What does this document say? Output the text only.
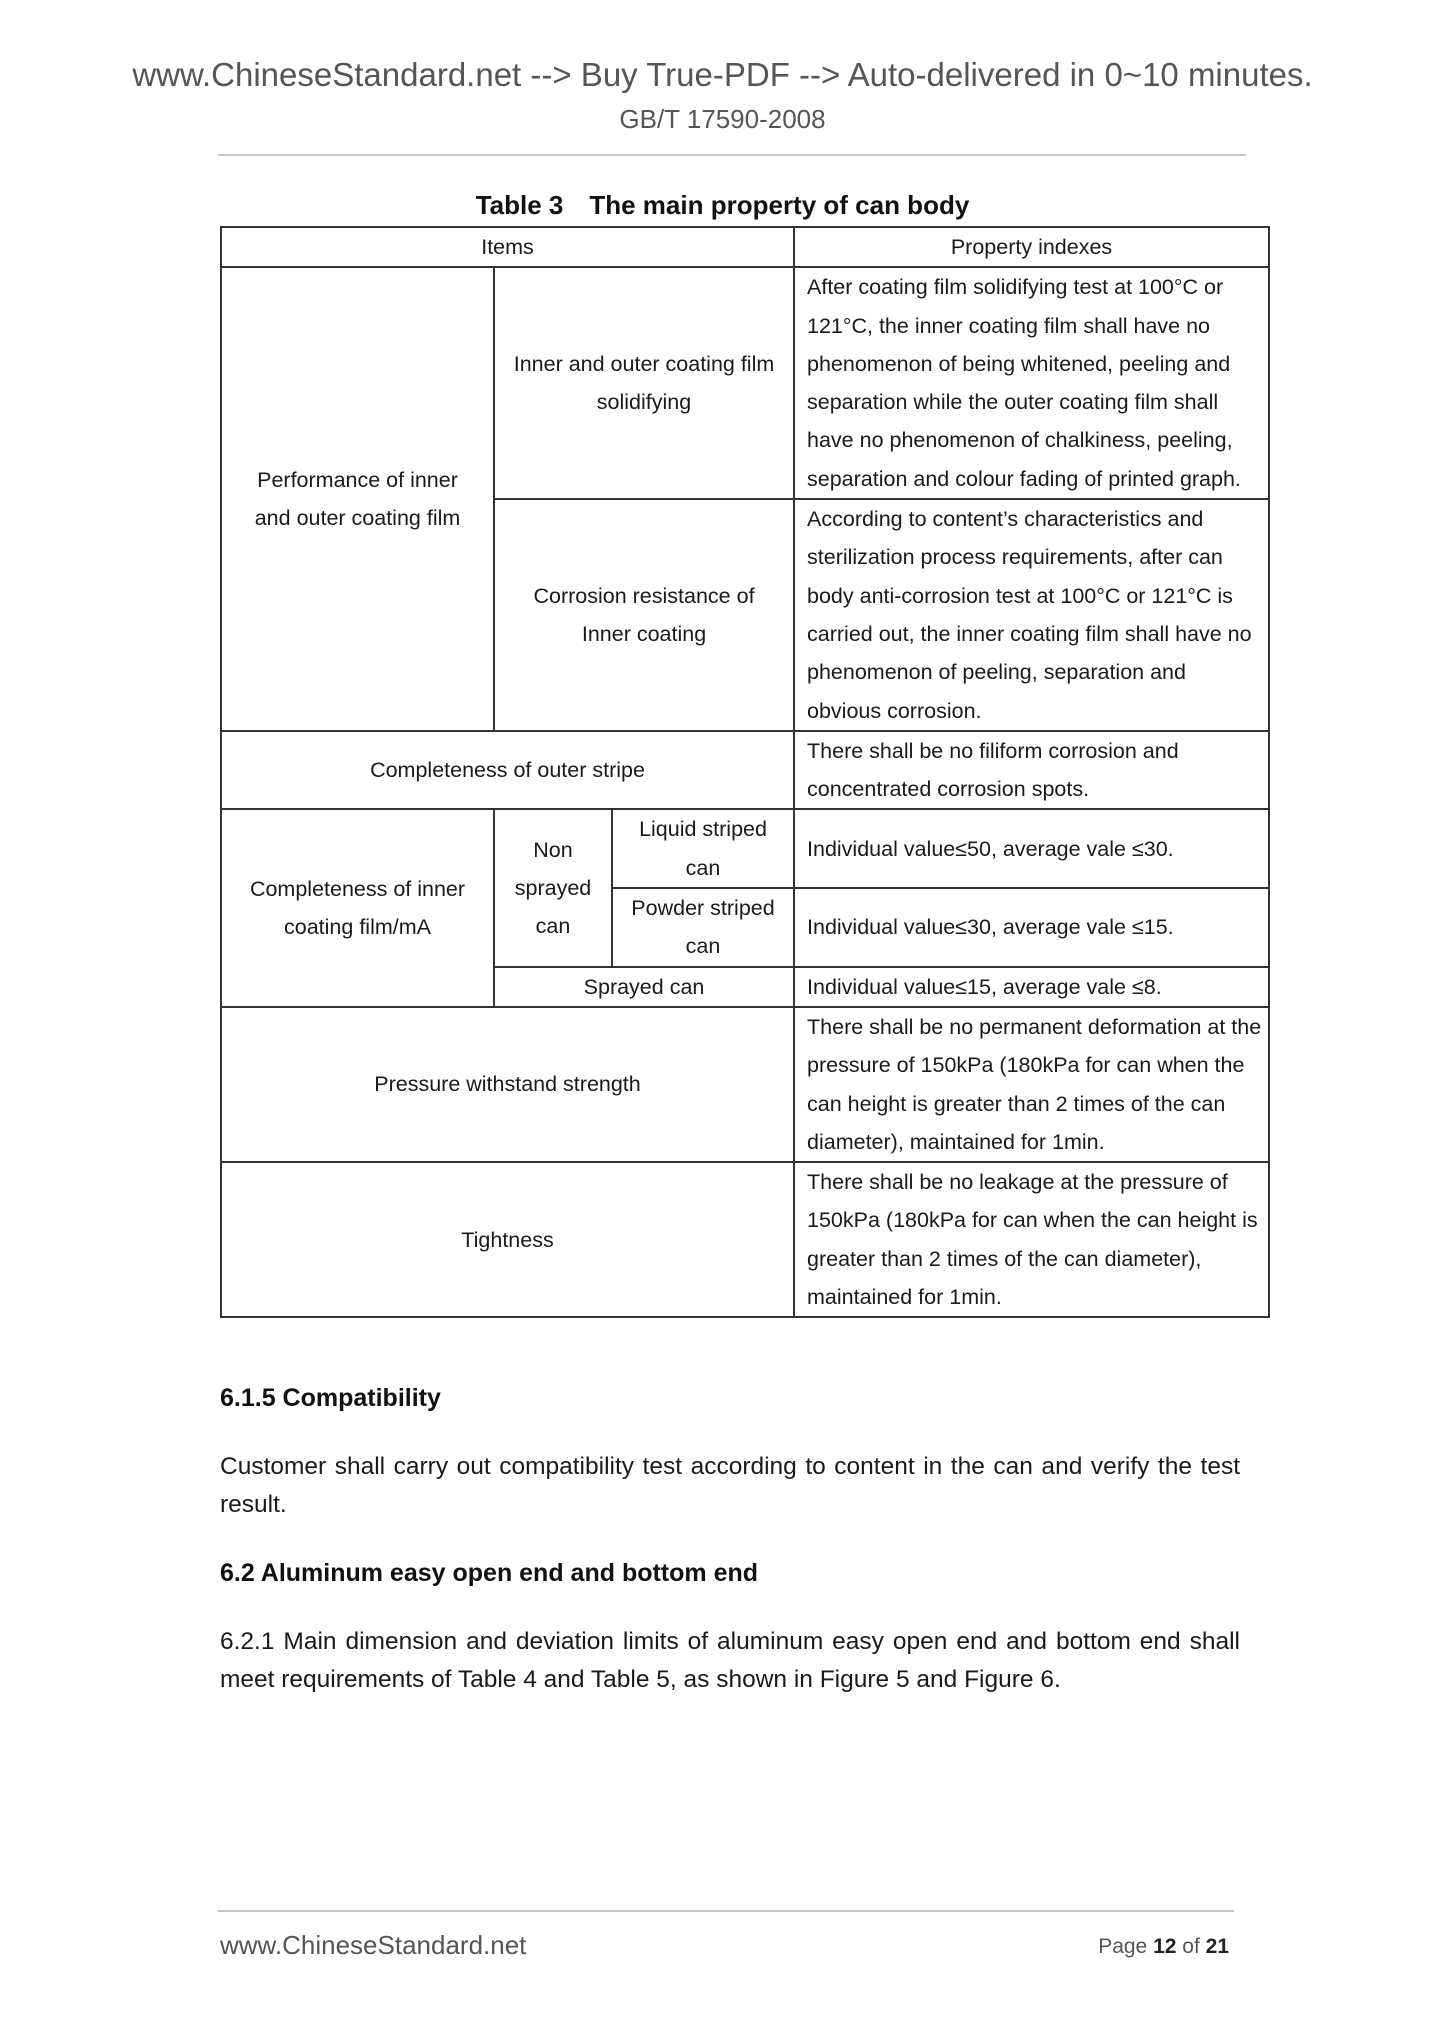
www.ChineseStandard.net --> Buy True-PDF --> Auto-delivered in 0~10 minutes.
GB/T 17590-2008
Table 3 The main property of can body
Items			Property indexes
Performance of inner and outer coating film	Inner and outer coating film solidifying		After coating film solidifying test at 100°C or 121°C, the inner coating film shall have no phenomenon of being whitened, peeling and separation while the outer coating film shall have no phenomenon of chalkiness, peeling, separation and colour fading of printed graph.
	Corrosion resistance of Inner coating		According to content’s characteristics and sterilization process requirements, after can body anti-corrosion test at 100°C or 121°C is carried out, the inner coating film shall have no phenomenon of peeling, separation and obvious corrosion.
Completeness of outer stripe			There shall be no filiform corrosion and concentrated corrosion spots.
Completeness of inner coating film/mA	Non sprayed can	Liquid striped can	Individual value≤50, average vale ≤30.
		Powder striped can	Individual value≤30, average vale ≤15.
	Sprayed can		Individual value≤15, average vale ≤8.
Pressure withstand strength			There shall be no permanent deformation at the pressure of 150kPa (180kPa for can when the can height is greater than 2 times of the can diameter), maintained for 1min.
Tightness			There shall be no leakage at the pressure of 150kPa (180kPa for can when the can height is greater than 2 times of the can diameter), maintained for 1min.
6.1.5 Compatibility
Customer shall carry out compatibility test according to content in the can and verify the test result.
6.2 Aluminum easy open end and bottom end
6.2.1 Main dimension and deviation limits of aluminum easy open end and bottom end shall meet requirements of Table 4 and Table 5, as shown in Figure 5 and Figure 6.
www.ChineseStandard.net	Page 12 of 21
